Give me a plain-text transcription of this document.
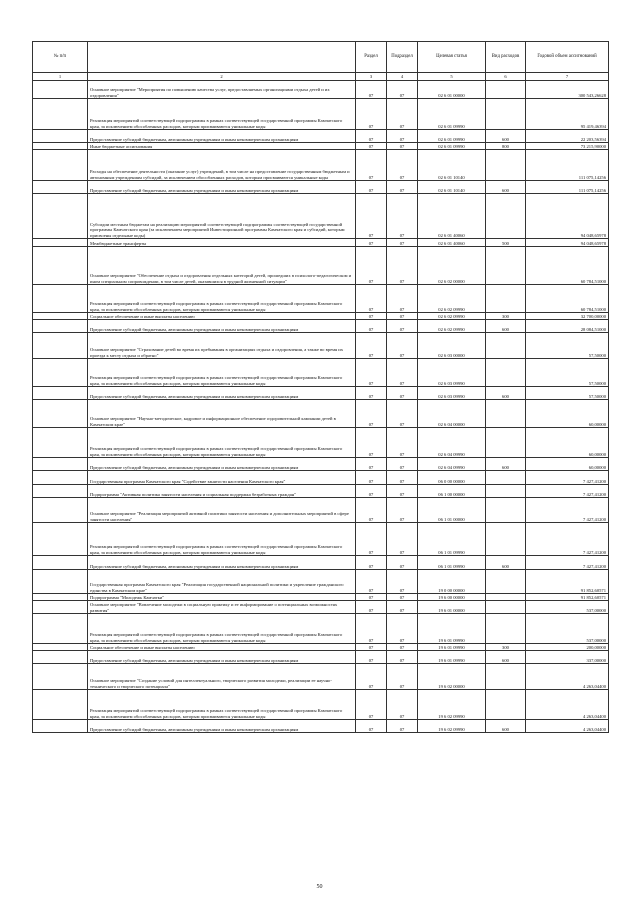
№ п/п		Раздел	Подраздел	Целевая статья	Вид расходов	Годовой объем ассигнований
1	2	3	4	5	6	7
	Основное мероприятие "Мероприятия по повышению качества услуг, предоставляемых организациями отдыха детей и их оздоровления"	07	07	02 6 01 00000		300 543,26628
	Реализация мероприятий соответствующей подпрограммы в рамках соответствующей государственной программы Камчатского края, за исключением обособленных расходов, которым присваиваются уникальные коды	07	07	02 6 01 09990		95 419,46394
	Предоставление субсидий бюджетным, автономным учреждениям и иным некоммерческим организациям	07	07	02 6 01 09990	600	22 203,56394
	Иные бюджетные ассигнования	07	07	02 6 01 09990	800	73 215,90000
	Расходы на обеспечение деятельности (оказание услуг) учреждений, в том числе на предоставление государственным бюджетным и автономным учреждениям субсидий, за исключением обособленных расходов, которым присваиваются уникальные коды	07	07	02 6 01 10140		111 075,14256
	Предоставление субсидий бюджетным, автономным учреждениям и иным некоммерческим организациям	07	07	02 6 01 10140	600	111 075,14256
	Субсидии местным бюджетам на реализацию мероприятий соответствующей подпрограммы соответствующей государственной программы Камчатского края (за исключением мероприятий Инвестиционной программы Камчатского края и субсидий, которым присвоены отдельные коды)	07	07	02 6 01 40060		94 048,65978
	Межбюджетные трансферты	07	07	02 6 01 40060	500	94 048,65978
	Основное мероприятие "Обеспечение отдыха и оздоровления отдельных категорий детей, прошедших в психолого-педагогическом и ином специальном сопровождении, в том числе детей, оказавшихся в трудной жизненной ситуации"	07	07	02 6 02 00000		60 784,51000
	Реализация мероприятий соответствующей подпрограммы в рамках соответствующей государственной программы Камчатского края, за исключением обособленных расходов, которым присваиваются уникальные коды	07	07	02 6 02 09990		60 784,51000
	Социальное обеспечение и иные выплаты населению	07	07	02 6 02 09990	300	32 700,00000
	Предоставление субсидий бюджетным, автономным учреждениям и иным некоммерческим организациям	07	07	02 6 02 09990	600	28 084,51000
	Основное мероприятие "Страхование детей во время их пребывания в организациях отдыха и оздоровления, а также во время их проезда к месту отдыха и обратно"	07	07	02 6 03 00000		57,50000
	Реализация мероприятий соответствующей подпрограммы в рамках соответствующей государственной программы Камчатского края, за исключением обособленных расходов, которым присваиваются уникальные коды	07	07	02 6 03 09990		57,50000
	Предоставление субсидий бюджетным, автономным учреждениям и иным некоммерческим организациям	07	07	02 6 03 09990	600	57,50000
	Основное мероприятие "Научно-методическое, кадровое и информационное обеспечение оздоровительной кампании детей в Камчатском крае"	07	07	02 6 04 00000		60,00000
	Реализация мероприятий соответствующей подпрограммы в рамках соответствующей государственной программы Камчатского края, за исключением обособленных расходов, которым присваиваются уникальные коды	07	07	02 6 04 09990		60,00000
	Предоставление субсидий бюджетным, автономным учреждениям и иным некоммерческим организациям	07	07	02 6 04 09990	600	60,00000
	Государственная программа Камчатского края "Содействие занятости населения Камчатского края"	07	07	06 0 00 00000		7 427,41200
	Подпрограмма "Активная политика занятости населения и социальная поддержка безработных граждан"	07	07	06 1 00 00000		7 427,41200
	Основное мероприятие "Реализация мероприятий активной политики занятости населения и дополнительных мероприятий в сфере занятости населения"	07	07	06 1 01 00000		7 427,41200
	Реализация мероприятий соответствующей подпрограммы в рамках соответствующей государственной программы Камчатского края, за исключением обособленных расходов, которым присваиваются уникальные коды	07	07	06 1 01 09990		7 427,41200
	Предоставление субсидий бюджетным, автономным учреждениям и иным некоммерческим организациям	07	07	06 1 01 09990	600	7 427,41200
	Государственная программа Камчатского края "Реализация государственной национальной политики и укрепление гражданского единства в Камчатском крае"	07	07	19 0 00 00000		91 852,60571
	Подпрограмма "Молодежь Камчатки"	07	07	19 6 00 00000		91 852,60571
	Основное мероприятие "Вовлечение молодежи в социальную практику и ее информирование о потенциальных возможностях развития"	07	07	19 6 01 00000		537,00000
	Реализация мероприятий соответствующей подпрограммы в рамках соответствующей государственной программы Камчатского края, за исключением обособленных расходов, которым присваиваются уникальные коды	07	07	19 6 01 09990		537,00000
	Социальное обеспечение и иные выплаты населению	07	07	19 6 01 09990	300	200,00000
	Предоставление субсидий бюджетным, автономным учреждениям и иным некоммерческим организациям	07	07	19 6 01 09990	600	337,00000
	Основное мероприятие "Создание условий для интеллектуального, творческого развития молодежи, реализации ее научно-технического и творческого потенциала"	07	07	19 6 02 00000		4 263,04400
	Реализация мероприятий соответствующей подпрограммы в рамках соответствующей государственной программы Камчатского края, за исключением обособленных расходов, которым присваиваются уникальные коды	07	07	19 6 02 09990		4 263,04400
	Предоставление субсидий бюджетным, автономным учреждениям и иным некоммерческим организациям	07	07	19 6 02 09990	600	4 263,04400
50
